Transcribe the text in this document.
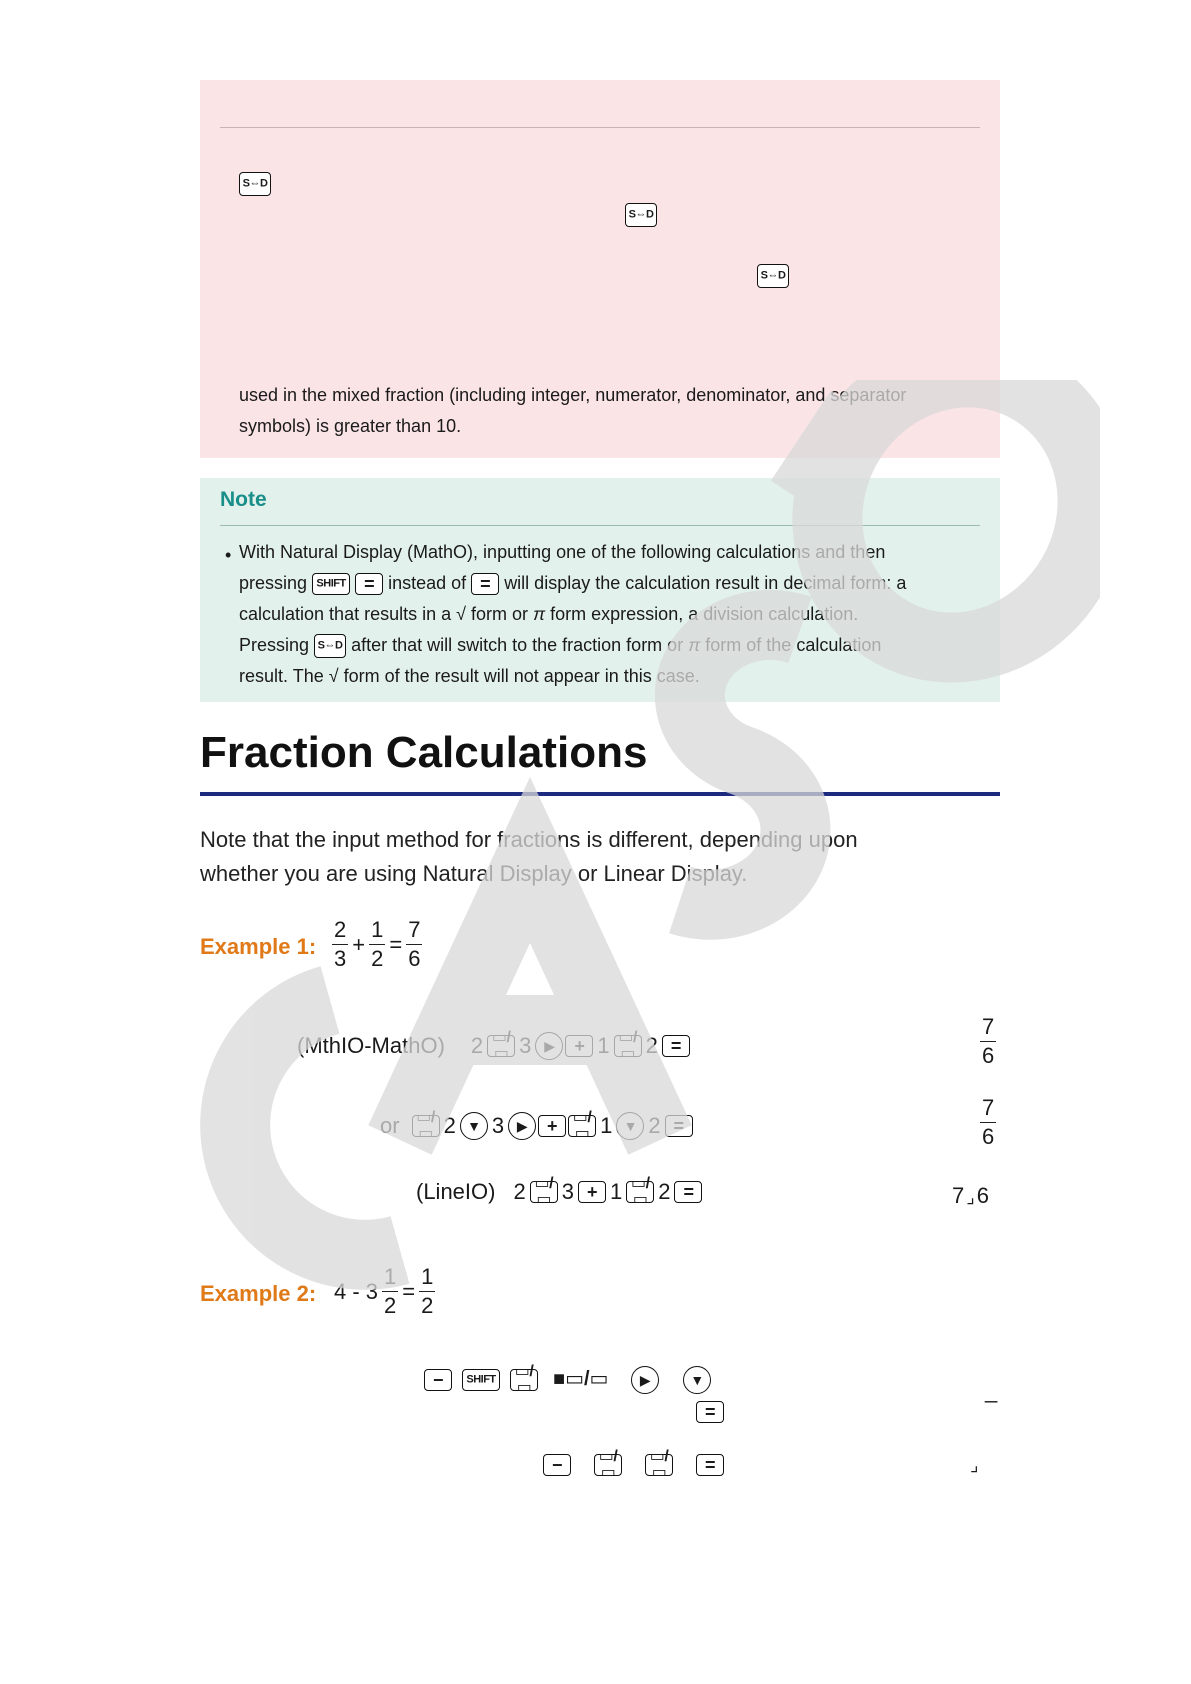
S⇔D
S⇔D
S⇔D
used in the mixed fraction (including integer, numerator, denominator, and separator
symbols) is greater than 10.
Note
• With Natural Display (MathO), inputting one of the following calculations and then
pressing SHIFT
	= instead of = will display the calculation result in decimal form: a
calculation that results in a √ form or π form expression, a division calculation.
Pressing S⇔D after that will switch to the fraction form or π form of the calculation
result. The √ form of the result will not appear in this case.
Fraction Calculations
Note that the input method for fractions is different, depending upon
whether you are using Natural Display or Linear Display.
Example 1: $\frac{2}{3} + \frac{1}{2} = \frac{7}{6}$
(MthIO-MathO) 2 ▭/▭ 3 ▶	+ 1 ▭/▭ 2 =	$\frac{7}{6}$
or ▭/▭ 2 ▼ 3 ▶	+ ▭/▭ 1 ▼ 2 =	$\frac{7}{6}$
(LineIO) 2 ▭/▭ 3 + 1 ▭/▭ 2 =	7 ⌟6
Example 2: $4 - 3 \frac{1}{2} = \frac{1}{2}$
−	SHIFT ▭/▭ ■▭/▭	▶	▼
=
_
−	▭/▭
▭/▭	=	⌟
